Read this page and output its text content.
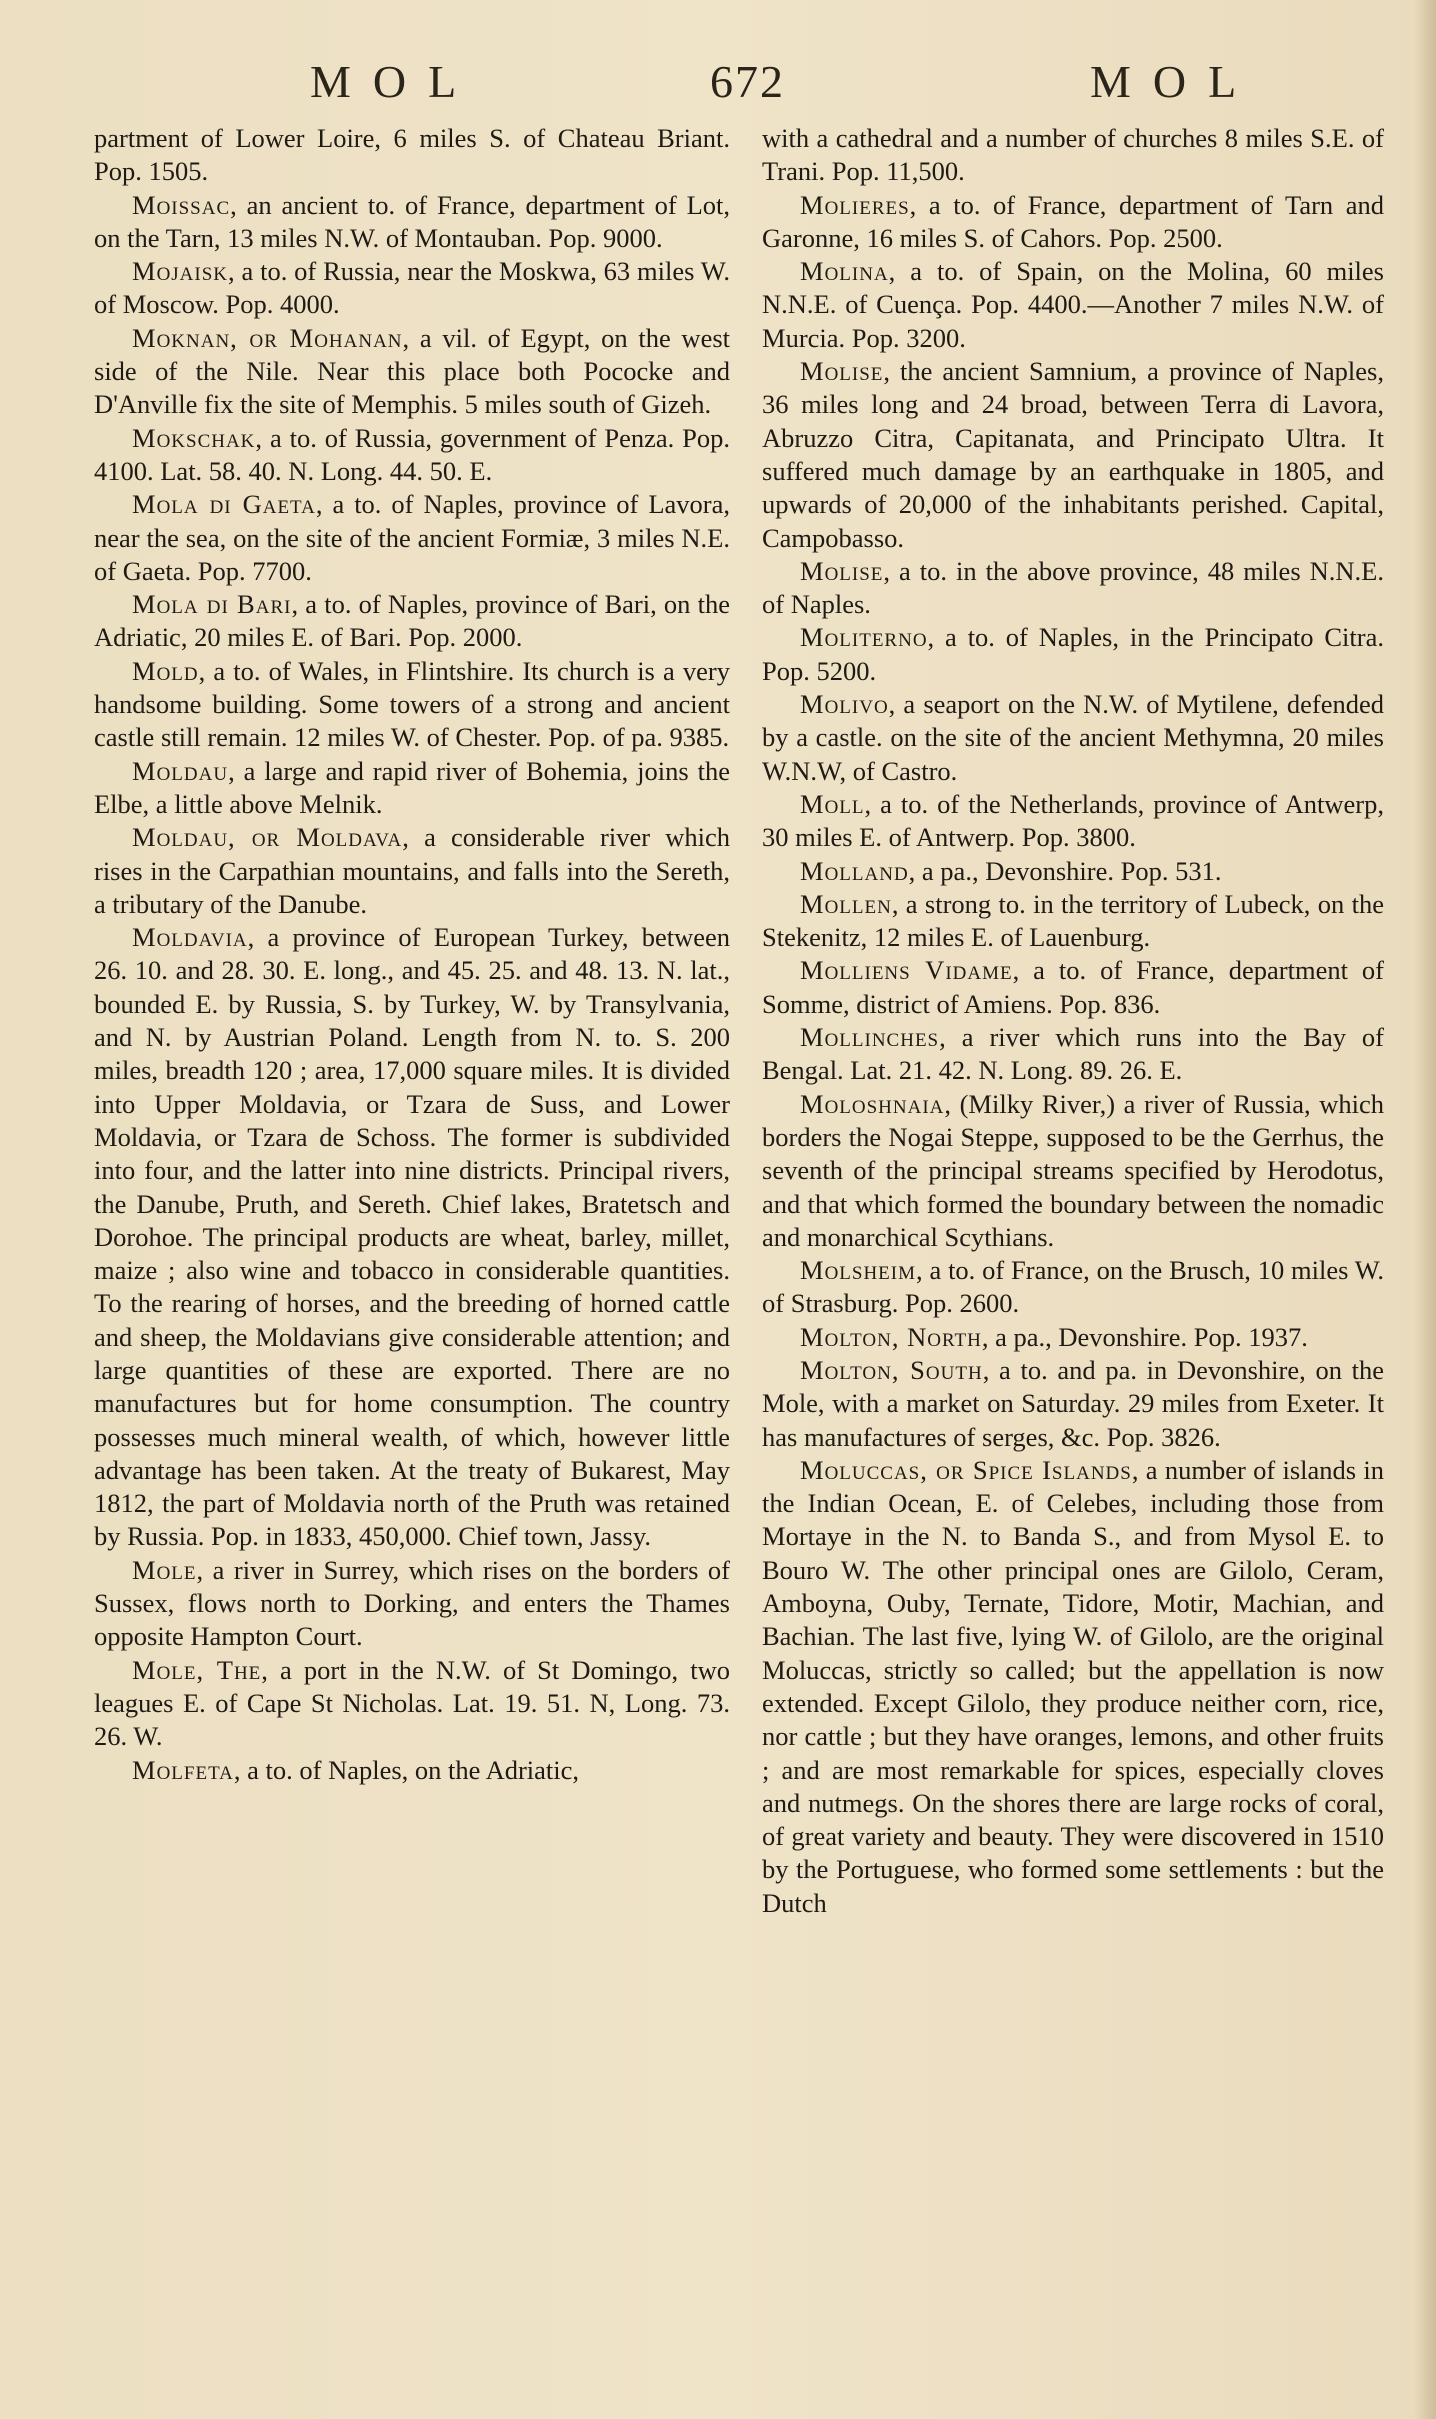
MOL	672	MOL

partment of Lower Loire, 6 miles S. of Chateau Briant. Pop. 1505.

Moissac, an ancient to. of France, department of Lot, on the Tarn, 13 miles N.W. of Montauban. Pop. 9000.

Mojaisk, a to. of Russia, near the Moskwa, 63 miles W. of Moscow. Pop. 4000.

Moknan, or Mohanan, a vil. of Egypt, on the west side of the Nile. Near this place both Pococke and D'Anville fix the site of Memphis. 5 miles south of Gizeh.

Mokschak, a to. of Russia, government of Penza. Pop. 4100. Lat. 58. 40. N. Long. 44. 50. E.

Mola di Gaeta, a to. of Naples, province of Lavora, near the sea, on the site of the ancient Formiæ, 3 miles N.E. of Gaeta. Pop. 7700.

Mola di Bari, a to. of Naples, province of Bari, on the Adriatic, 20 miles E. of Bari. Pop. 2000.

Mold, a to. of Wales, in Flintshire. Its church is a very handsome building. Some towers of a strong and ancient castle still remain. 12 miles W. of Chester. Pop. of pa. 9385.

Moldau, a large and rapid river of Bohemia, joins the Elbe, a little above Melnik.

Moldau, or Moldava, a considerable river which rises in the Carpathian mountains, and falls into the Sereth, a tributary of the Danube.

Moldavia, a province of European Turkey, between 26. 10. and 28. 30. E. long., and 45. 25. and 48. 13. N. lat., bounded E. by Russia, S. by Turkey, W. by Transylvania, and N. by Austrian Poland. Length from N. to. S. 200 miles, breadth 120 ; area, 17,000 square miles. It is divided into Upper Moldavia, or Tzara de Suss, and Lower Moldavia, or Tzara de Schoss. The former is subdivided into four, and the latter into nine districts. Principal rivers, the Danube, Pruth, and Sereth. Chief lakes, Bratetsch and Dorohoe. The principal products are wheat, barley, millet, maize ; also wine and tobacco in considerable quantities. To the rearing of horses, and the breeding of horned cattle and sheep, the Moldavians give considerable attention; and large quantities of these are exported. There are no manufactures but for home consumption. The country possesses much mineral wealth, of which, however little advantage has been taken. At the treaty of Bukarest, May 1812, the part of Moldavia north of the Pruth was retained by Russia. Pop. in 1833, 450,000. Chief town, Jassy.

Mole, a river in Surrey, which rises on the borders of Sussex, flows north to Dorking, and enters the Thames opposite Hampton Court.

Mole, The, a port in the N.W. of St Domingo, two leagues E. of Cape St Nicholas. Lat. 19. 51. N, Long. 73. 26. W.

Molfeta, a to. of Naples, on the Adriatic,

with a cathedral and a number of churches 8 miles S.E. of Trani. Pop. 11,500.

Molieres, a to. of France, department of Tarn and Garonne, 16 miles S. of Cahors. Pop. 2500.

Molina, a to. of Spain, on the Molina, 60 miles N.N.E. of Cuença. Pop. 4400.—Another 7 miles N.W. of Murcia. Pop. 3200.

Molise, the ancient Samnium, a province of Naples, 36 miles long and 24 broad, between Terra di Lavora, Abruzzo Citra, Capitanata, and Principato Ultra. It suffered much damage by an earthquake in 1805, and upwards of 20,000 of the inhabitants perished. Capital, Campobasso.

Molise, a to. in the above province, 48 miles N.N.E. of Naples.

Moliterno, a to. of Naples, in the Principato Citra. Pop. 5200.

Molivo, a seaport on the N.W. of Mytilene, defended by a castle. on the site of the ancient Methymna, 20 miles W.N.W, of Castro.

Moll, a to. of the Netherlands, province of Antwerp, 30 miles E. of Antwerp. Pop. 3800.

Molland, a pa., Devonshire. Pop. 531.

Mollen, a strong to. in the territory of Lubeck, on the Stekenitz, 12 miles E. of Lauenburg.

Molliens Vidame, a to. of France, department of Somme, district of Amiens. Pop. 836.

Mollinches, a river which runs into the Bay of Bengal. Lat. 21. 42. N. Long. 89. 26. E.

Moloshnaia, (Milky River,) a river of Russia, which borders the Nogai Steppe, supposed to be the Gerrhus, the seventh of the principal streams specified by Herodotus, and that which formed the boundary between the nomadic and monarchical Scythians.

Molsheim, a to. of France, on the Brusch, 10 miles W. of Strasburg. Pop. 2600.

Molton, North, a pa., Devonshire. Pop. 1937.

Molton, South, a to. and pa. in Devonshire, on the Mole, with a market on Saturday. 29 miles from Exeter. It has manufactures of serges, &c. Pop. 3826.

Moluccas, or Spice Islands, a number of islands in the Indian Ocean, E. of Celebes, including those from Mortaye in the N. to Banda S., and from Mysol E. to Bouro W. The other principal ones are Gilolo, Ceram, Amboyna, Ouby, Ternate, Tidore, Motir, Machian, and Bachian. The last five, lying W. of Gilolo, are the original Moluccas, strictly so called; but the appellation is now extended. Except Gilolo, they produce neither corn, rice, nor cattle ; but they have oranges, lemons, and other fruits ; and are most remarkable for spices, especially cloves and nutmegs. On the shores there are large rocks of coral, of great variety and beauty. They were discovered in 1510 by the Portuguese, who formed some settlements : but the Dutch
